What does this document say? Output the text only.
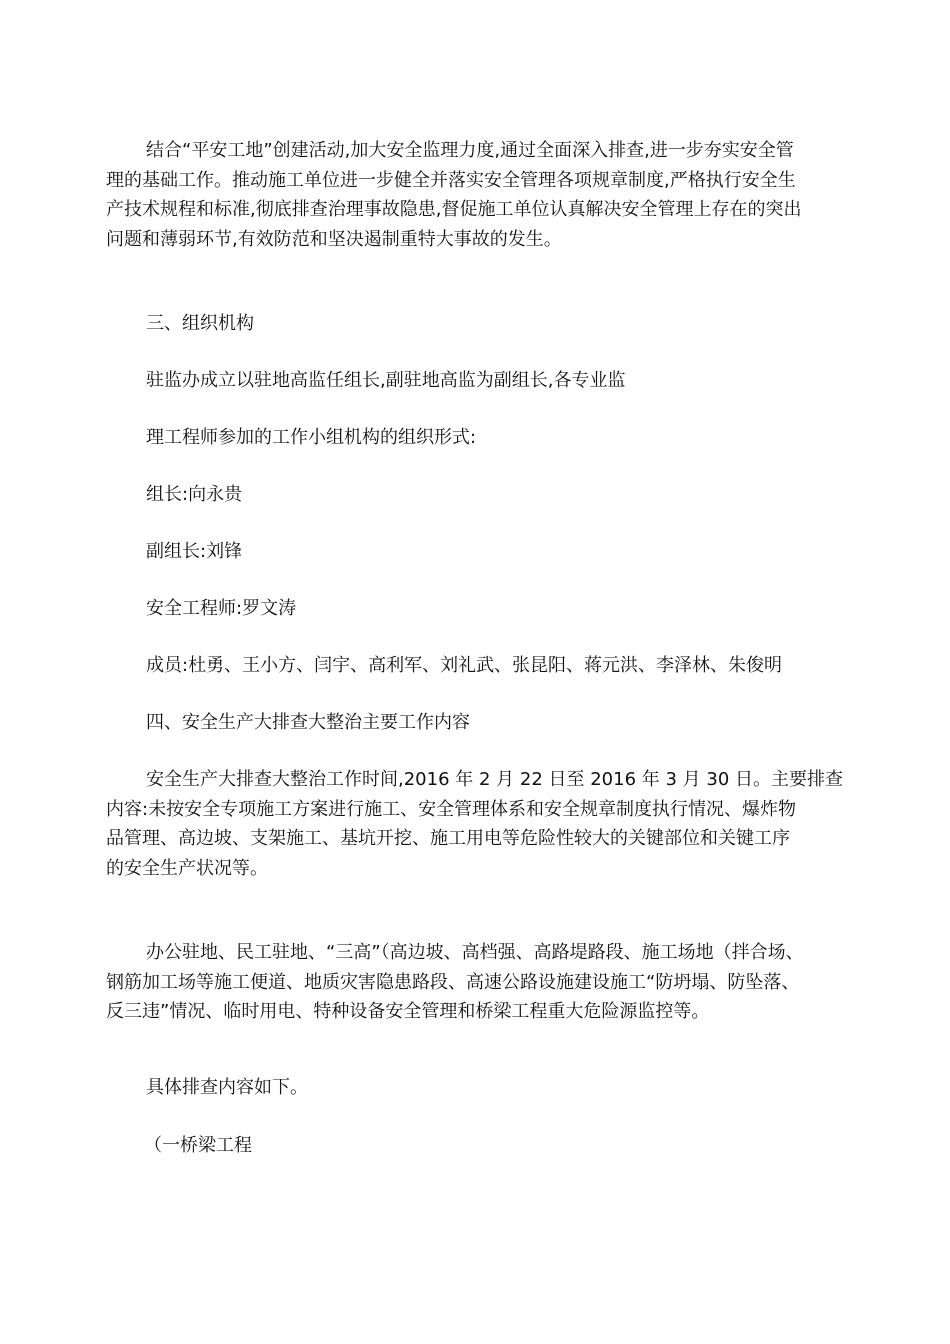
结合“平安工地”创建活动,加大安全监理力度,通过全面深入排查,进一步夯实安全管
理的基础工作。推动施工单位进一步健全并落实安全管理各项规章制度,严格执行安全生
产技术规程和标准,彻底排查治理事故隐患,督促施工单位认真解决安全管理上存在的突出
问题和薄弱环节,有效防范和坚决遏制重特大事故的发生。

三、组织机构

驻监办成立以驻地高监任组长,副驻地高监为副组长,各专业监

理工程师参加的工作小组机构的组织形式:

组长:向永贵

副组长:刘锋

安全工程师:罗文涛

成员:杜勇、王小方、闫宇、高利军、刘礼武、张昆阳、蒋元洪、李泽林、朱俊明

四、安全生产大排查大整治主要工作内容

安全生产大排查大整治工作时间,2016 年 2 月 22 日至 2016 年 3 月 30 日。主要排查
内容:未按安全专项施工方案进行施工、安全管理体系和安全规章制度执行情况、爆炸物
品管理、高边坡、支架施工、基坑开挖、施工用电等危险性较大的关键部位和关键工序
的安全生产状况等。
办公驻地、民工驻地、“三高”（高边坡、高档强、高路堤路段、施工场地（拌合场、
钢筋加工场等施工便道、地质灾害隐患路段、高速公路设施建设施工“防坍塌、防坠落、
反三违”情况、临时用电、特种设备安全管理和桥梁工程重大危险源监控等。

具体排查内容如下。

（一桥梁工程
